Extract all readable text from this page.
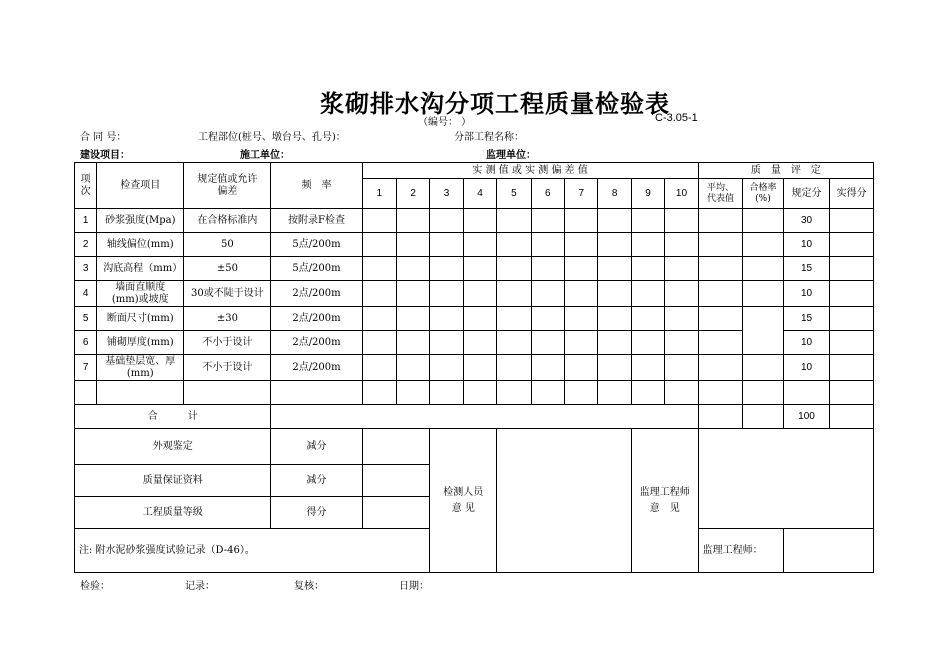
浆砌排水沟分项工程质量检验表
（编号： ）	C-3.05-1
合 同 号：	工程部位(桩号、墩台号、孔号)：	分部工程名称：
建设项目：	施工单位：	监理单位：
项次	检查项目	规定值或允许偏差	频　率	实 测 值 或 实 测 偏 差 值										质　量　评　定			
				1	2	3	4	5	6	7	8	9	10	平均、代表值	合格率(%)	规定分	实得分
1	砂浆强度(Mpa)	在合格标准内	按附录F检查													30	
2	轴线偏位(mm)	50	5点/200m													10	
3	沟底高程（mm）	±50	5点/200m													15	
4	墙面直顺度(mm)或坡度	30或不陡于设计	2点/200m													10	
5	断面尺寸(mm)	±30	2点/200m													15	
6	铺砌厚度(mm)	不小于设计	2点/200m													10	
7	基础垫层宽、厚(mm)	不小于设计	2点/200m													10	

合　　　计																100	
外观鉴定			减分			检测人员意 见						监理工程师意　见					
质量保证资料			减分														
工程质量等级			得分														
注: 附水泥砂浆强度试验记录（D-46）。														监理工程师：			
检验：	记录：	复核：	日期：
